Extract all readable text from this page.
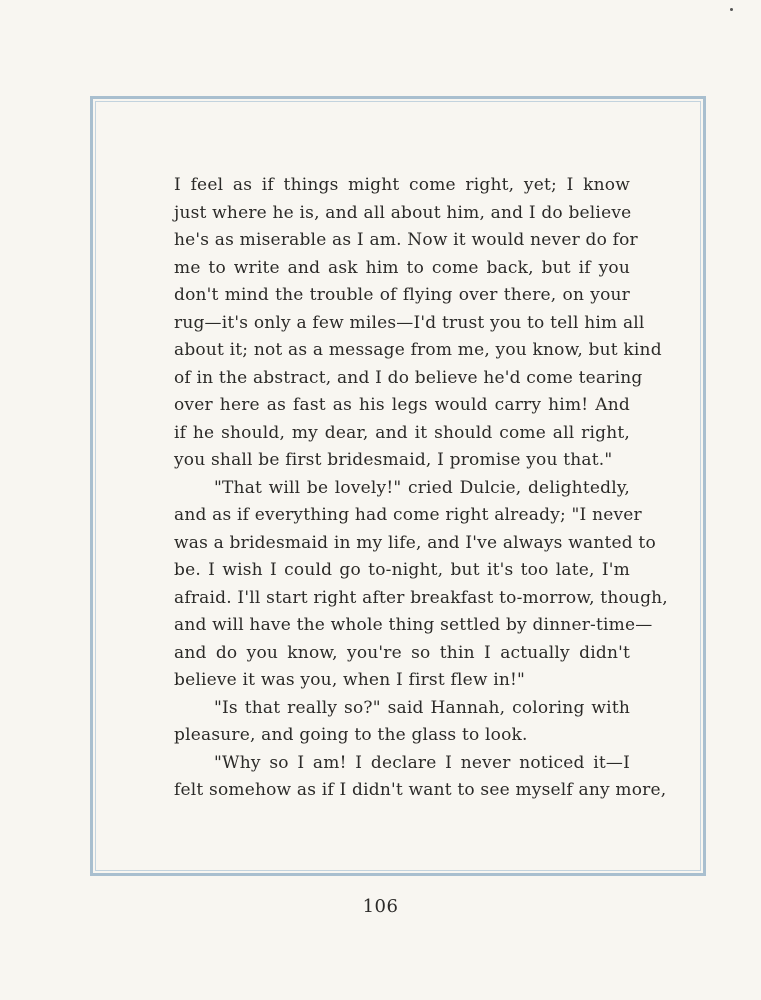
I feel as if things might come right, yet; I know
just where he is, and all about him, and I do believe
he's as miserable as I am. Now it would never do for
me to write and ask him to come back, but if you
don't mind the trouble of flying over there, on your
rug—it's only a few miles—I'd trust you to tell him all
about it; not as a message from me, you know, but kind
of in the abstract, and I do believe he'd come tearing
over here as fast as his legs would carry him! And
if he should, my dear, and it should come all right,
you shall be first bridesmaid, I promise you that."
"That will be lovely!" cried Dulcie, delightedly,
and as if everything had come right already; "I never
was a bridesmaid in my life, and I've always wanted to
be. I wish I could go to-night, but it's too late, I'm
afraid. I'll start right after breakfast to-morrow, though,
and will have the whole thing settled by dinner-time—
and do you know, you're so thin I actually didn't
believe it was you, when I first flew in!"
"Is that really so?" said Hannah, coloring with
pleasure, and going to the glass to look.
"Why so I am! I declare I never noticed it—I
felt somehow as if I didn't want to see myself any more,
106
